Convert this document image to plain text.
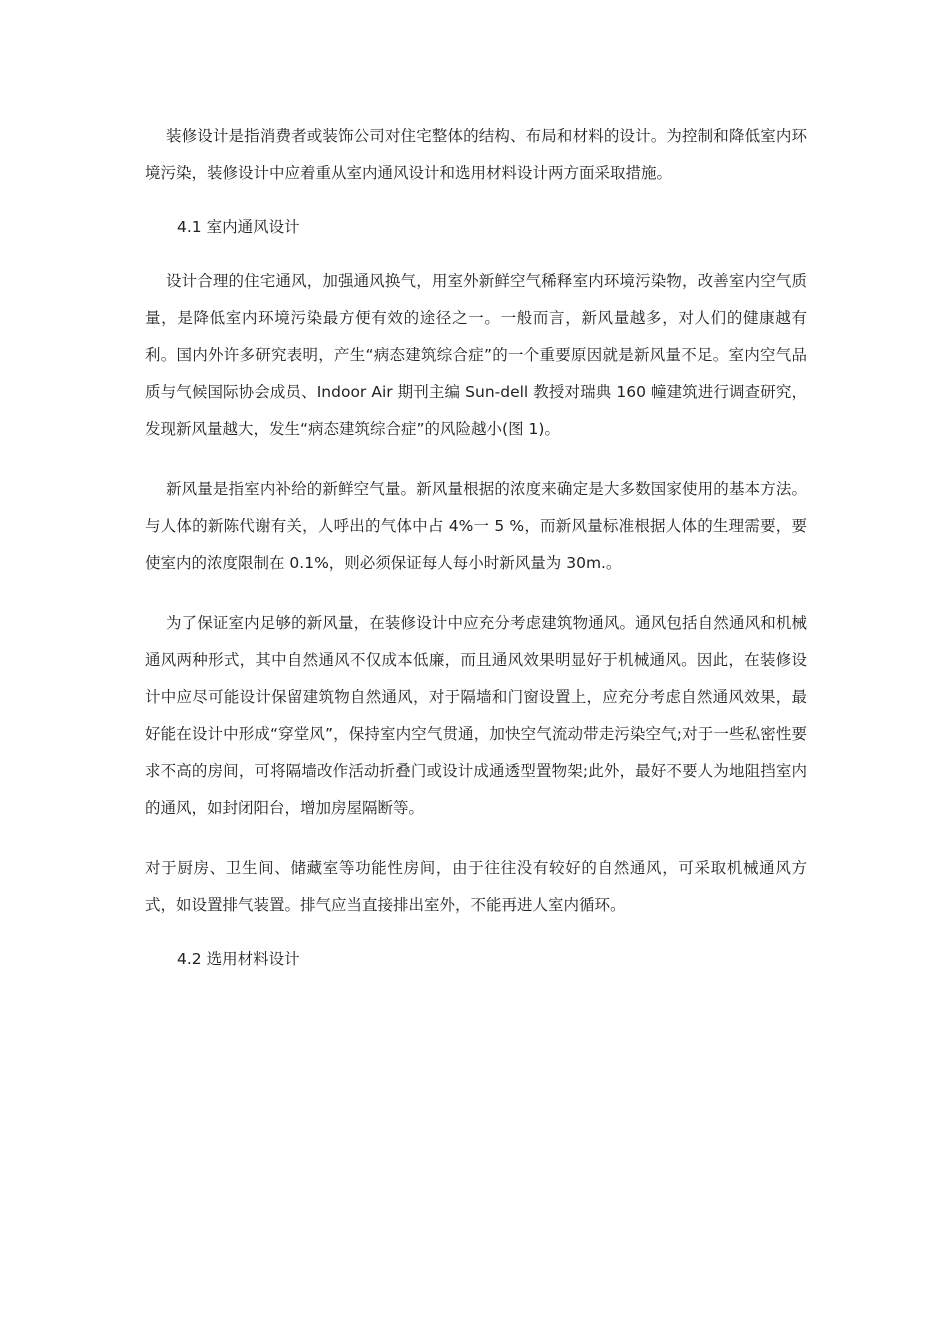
装修设计是指消费者或装饰公司对住宅整体的结构、布局和材料的设计。为控制和降低室内环境污染，装修设计中应着重从室内通风设计和选用材料设计两方面采取措施。

4.1 室内通风设计

设计合理的住宅通风，加强通风换气，用室外新鲜空气稀释室内环境污染物，改善室内空气质量，是降低室内环境污染最方便有效的途径之一。一般而言，新风量越多，对人们的健康越有利。国内外许多研究表明，产生“病态建筑综合症”的一个重要原因就是新风量不足。室内空气品质与气候国际协会成员、Indoor Air 期刊主编 Sun-dell 教授对瑞典 160 幢建筑进行调查研究，发现新风量越大，发生“病态建筑综合症”的风险越小(图 1)。

新风量是指室内补给的新鲜空气量。新风量根据的浓度来确定是大多数国家使用的基本方法。与人体的新陈代谢有关，人呼出的气体中占 4%一 5 %，而新风量标准根据人体的生理需要，要使室内的浓度限制在 0.1%，则必须保证每人每小时新风量为 30m.。

为了保证室内足够的新风量，在装修设计中应充分考虑建筑物通风。通风包括自然通风和机械通风两种形式，其中自然通风不仅成本低廉，而且通风效果明显好于机械通风。因此，在装修设计中应尽可能设计保留建筑物自然通风，对于隔墙和门窗设置上，应充分考虑自然通风效果，最好能在设计中形成“穿堂风”，保持室内空气贯通，加快空气流动带走污染空气;对于一些私密性要求不高的房间，可将隔墙改作活动折叠门或设计成通透型置物架;此外，最好不要人为地阻挡室内的通风，如封闭阳台，增加房屋隔断等。

对于厨房、卫生间、储藏室等功能性房间，由于往往没有较好的自然通风，可采取机械通风方式，如设置排气装置。排气应当直接排出室外，不能再进人室内循环。

4.2 选用材料设计
